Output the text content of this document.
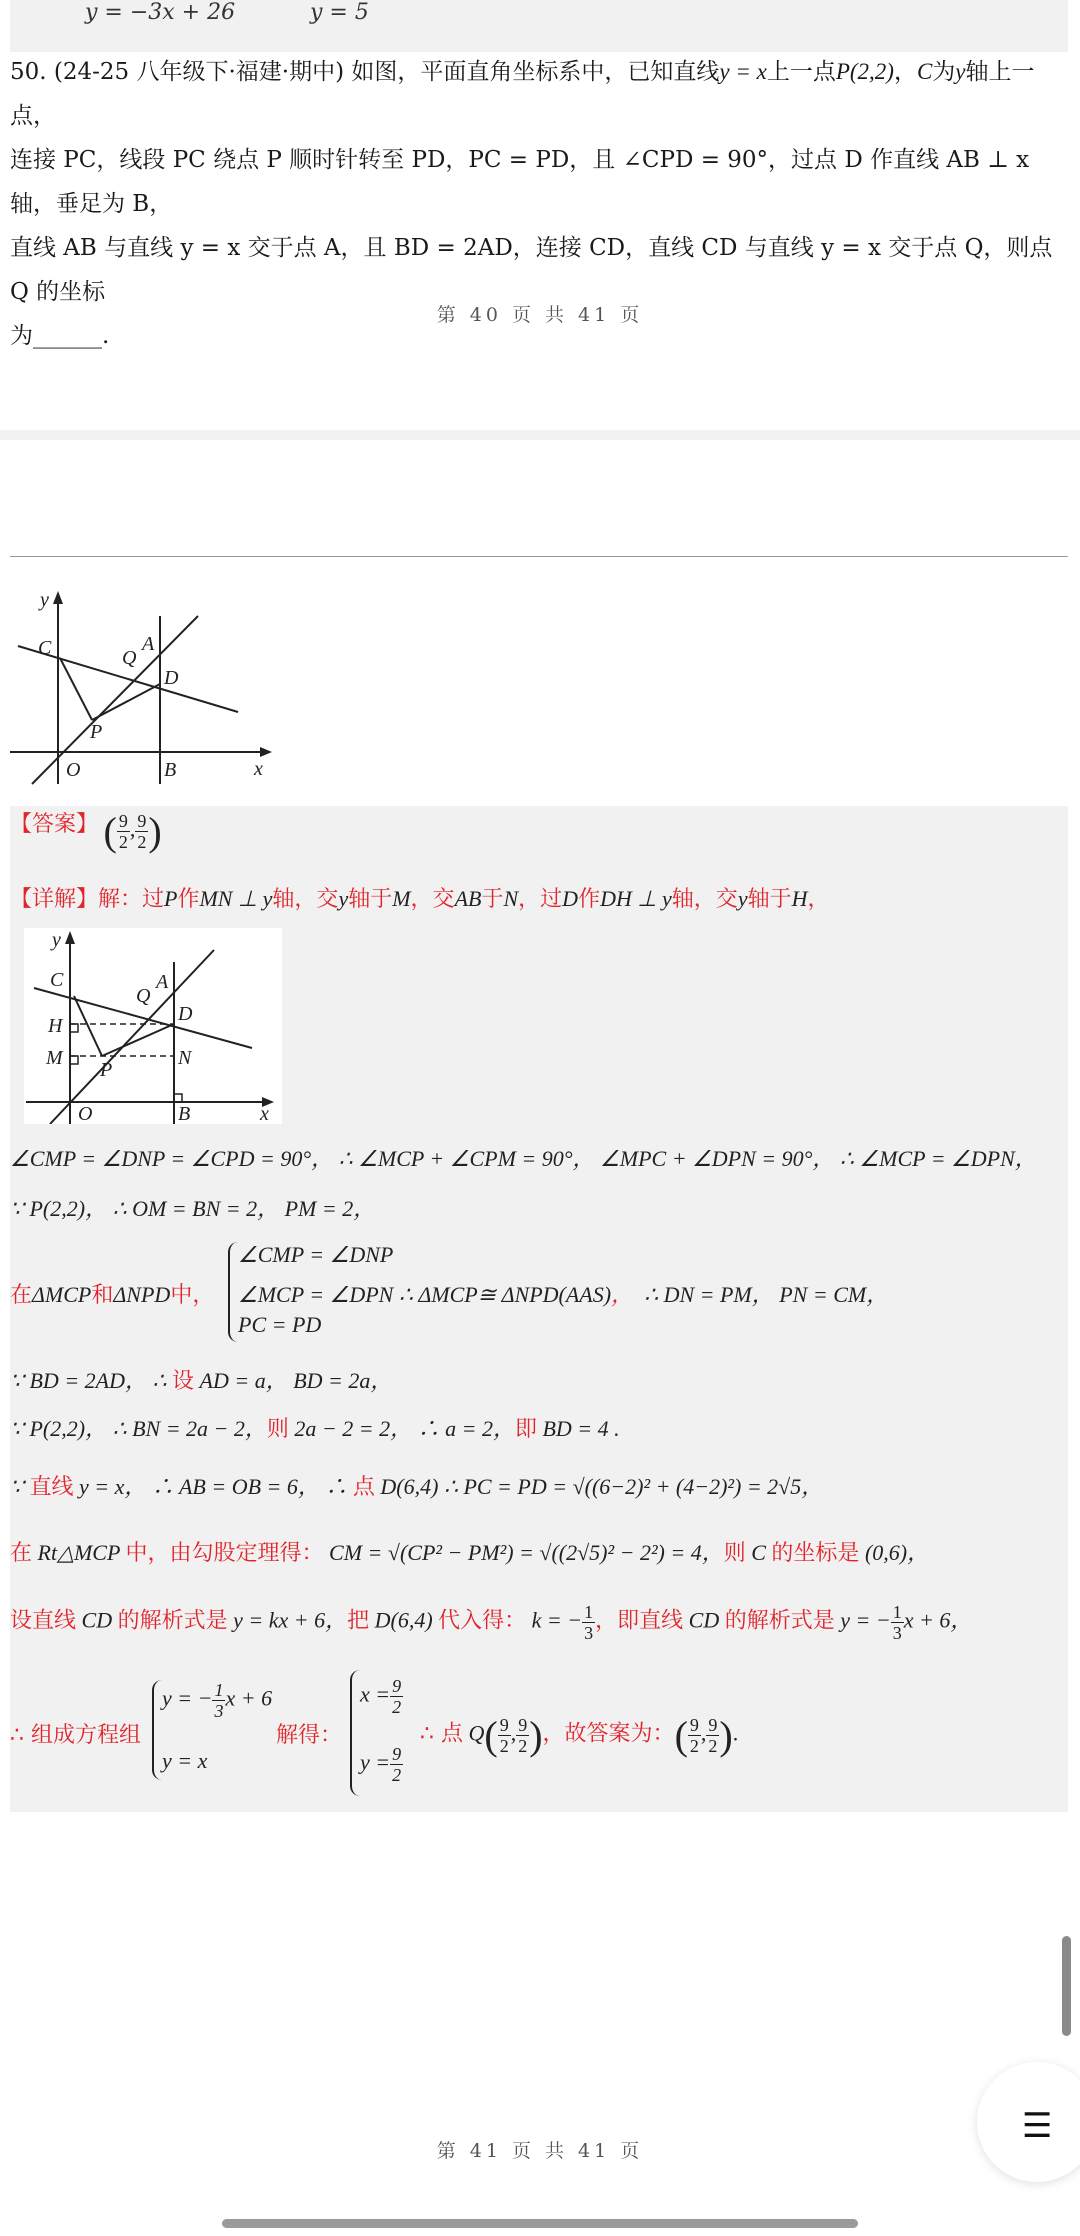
y = −3x + 26	y = 5
50. (24-25 八年级下·福建·期中) 如图，平面直角坐标系中，已知直线y = x上一点P(2,2)，C为y轴上一点，
连接 PC，线段 PC 绕点 P 顺时针转至 PD，PC = PD，且 ∠CPD = 90°，过点 D 作直线 AB ⊥ x 轴，垂足为 B，
直线 AB 与直线 y = x 交于点 A，且 BD = 2AD，连接 CD，直线 CD 与直线 y = x 交于点 Q，则点 Q 的坐标
为______.
第 40 页 共 41 页
y
x
C	Q
A
D
P
O	B
【答案】 ( $\frac{9}{2}$ , $\frac{9}{2}$ )
【详解】解：过P作MN ⊥ y轴，交y轴于M，交AB于N，过D作DH ⊥ y轴，交y轴于H，
y
x
C
Q
A
D
H
M	N
P
O	B
∠CMP = ∠DNP = ∠CPD = 90°， ∴ ∠MCP + ∠CPM = 90°， ∠MPC + ∠DPN = 90°， ∴ ∠MCP = ∠DPN，
∵ P(2,2)， ∴ OM = BN = 2， PM = 2，
在ΔMCP和ΔNPD中，
∠CMP = ∠DNP
∠MCP = ∠DPN ∴ ΔMCP≅ ΔNPD(AAS)， ∴ DN = PM， PN = CM，
PC = PD
∵ BD = 2AD， ∴ 设 AD = a， BD = 2a，
∵ P(2,2)， ∴ BN = 2a − 2，则 2a − 2 = 2， ∴ a = 2，即 BD = 4 .
∵ 直线 y = x， ∴ AB = OB = 6， ∴ 点 D(6,4) ∴ PC = PD = √((6−2)² + (4−2)²) = 2√5，
在 Rt△MCP 中，由勾股定理得： CM = √(CP² − PM²) = √((2√5)² − 2²) = 4，则 C 的坐标是 (0,6)，
设直线 CD 的解析式是 y = kx + 6，把 D(6,4) 代入得： k = − $\frac{1}{3}$ ，即直线 CD 的解析式是 y = − $\frac{1}{3}$ x + 6，
∴ 组成方程组
y = − $\frac{1}{3}$ x + 6
y = x
解得：
$x = \frac{9}{2}$
$y = \frac{9}{2}$
∴ 点 $Q( \frac{9}{2}$ , $\frac{9}{2}$ )，故答案为：( $\frac{9}{2}$ , $\frac{9}{2}$ ).
第 41 页 共 41 页
☰
